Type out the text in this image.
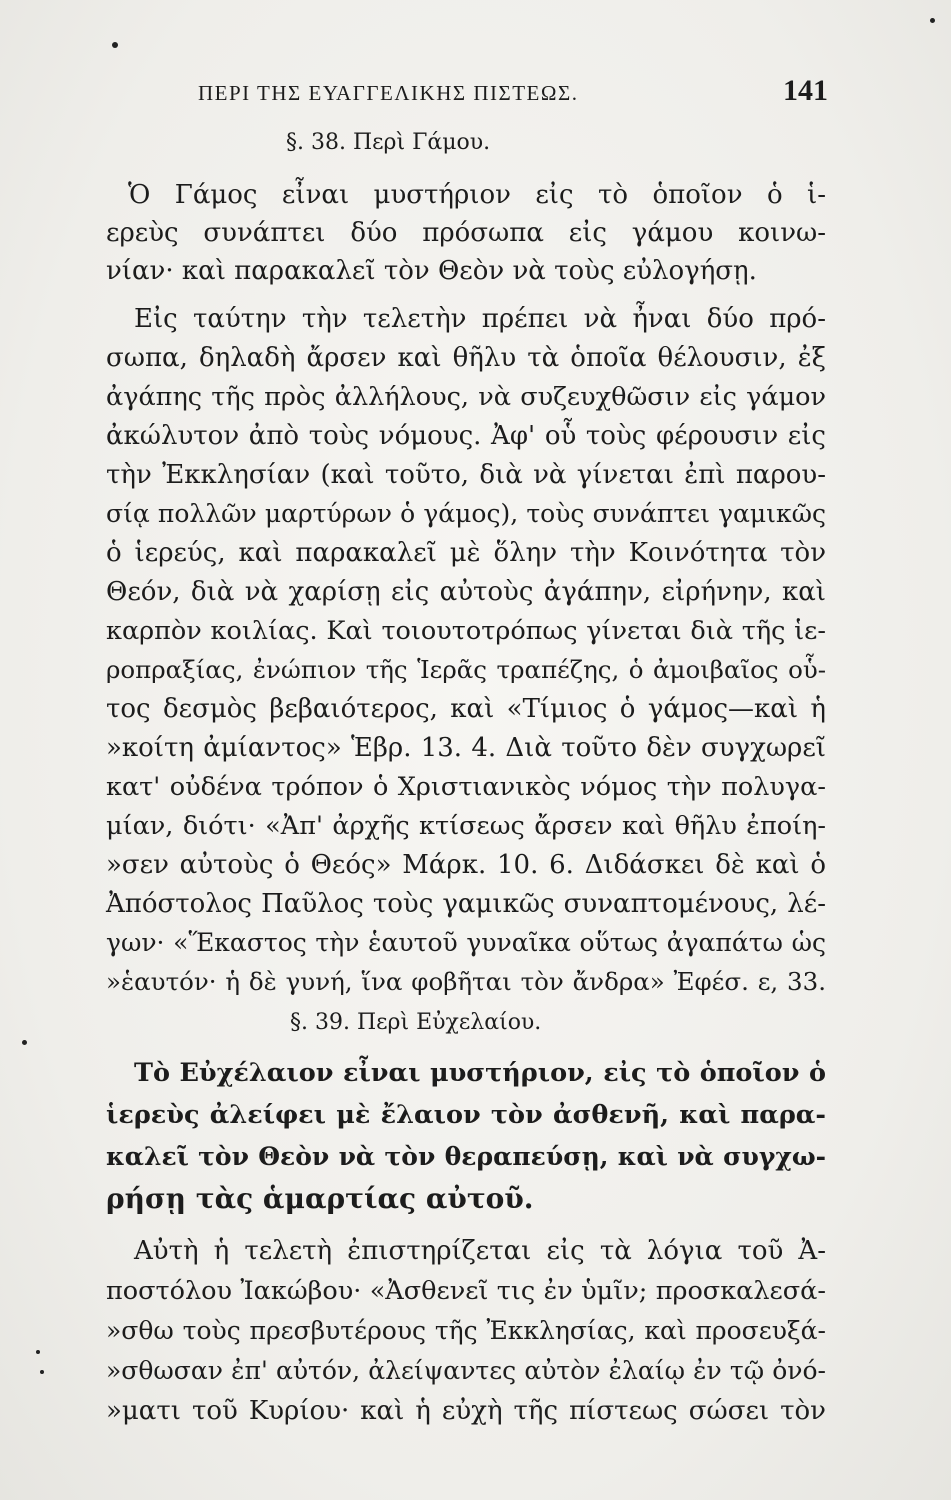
ΠΕΡΙ ΤΗΣ ΕΥΑΓΓΕΛΙΚΗΣ ΠΙΣΤΕΩΣ.	141
§. 38. Περὶ Γάμου.
Ὁ Γάμος εἶναι μυστήριον εἰς τὸ ὁποῖον ὁ ἱ-
ερεὺς συνάπτει δύο πρόσωπα εἰς γάμου κοινω-
νίαν· καὶ παρακαλεῖ τὸν Θεὸν νὰ τοὺς εὐλογήσῃ.
Εἰς ταύτην τὴν τελετὴν πρέπει νὰ ἦναι δύο πρό-
σωπα, δηλαδὴ ἄρσεν καὶ θῆλυ τὰ ὁποῖα θέλουσιν, ἐξ
ἀγάπης τῆς πρὸς ἀλλήλους, νὰ συζευχθῶσιν εἰς γάμον
ἀκώλυτον ἀπὸ τοὺς νόμους. Ἀφ' οὗ τοὺς φέρουσιν εἰς
τὴν Ἐκκλησίαν (καὶ τοῦτο, διὰ νὰ γίνεται ἐπὶ παρου-
σίᾳ πολλῶν μαρτύρων ὁ γάμος), τοὺς συνάπτει γαμικῶς
ὁ ἱερεύς, καὶ παρακαλεῖ μὲ ὅλην τὴν Κοινότητα τὸν
Θεόν, διὰ νὰ χαρίσῃ εἰς αὐτοὺς ἀγάπην, εἰρήνην, καὶ
καρπὸν κοιλίας. Καὶ τοιουτοτρόπως γίνεται διὰ τῆς ἱε-
ροπραξίας, ἐνώπιον τῆς Ἱερᾶς τραπέζης, ὁ ἀμοιβαῖος οὗ-
τος δεσμὸς βεβαιότερος, καὶ «Τίμιος ὁ γάμος—καὶ ἡ
»κοίτη ἀμίαντος» Ἑβρ. 13. 4. Διὰ τοῦτο δὲν συγχωρεῖ
κατ' οὐδένα τρόπον ὁ Χριστιανικὸς νόμος τὴν πολυγα-
μίαν, διότι· «Ἀπ' ἀρχῆς κτίσεως ἄρσεν καὶ θῆλυ ἐποίη-
»σεν αὐτοὺς ὁ Θεός» Μάρκ. 10. 6. Διδάσκει δὲ καὶ ὁ
Ἀπόστολος Παῦλος τοὺς γαμικῶς συναπτομένους, λέ-
γων· «Ἕκαστος τὴν ἑαυτοῦ γυναῖκα οὕτως ἀγαπάτω ὡς
»ἑαυτόν· ἡ δὲ γυνή, ἵνα φοβῆται τὸν ἄνδρα» Ἐφέσ. ε, 33.
§. 39. Περὶ Εὐχελαίου.
Τὸ Εὐχέλαιον εἶναι μυστήριον, εἰς τὸ ὁποῖον ὁ
ἱερεὺς ἀλείφει μὲ ἔλαιον τὸν ἀσθενῆ, καὶ παρα-
καλεῖ τὸν Θεὸν νὰ τὸν θεραπεύσῃ, καὶ νὰ συγχω-
ρήσῃ τὰς ἁμαρτίας αὐτοῦ.
Αὐτὴ ἡ τελετὴ ἐπιστηρίζεται εἰς τὰ λόγια τοῦ Ἀ-
ποστόλου Ἰακώβου· «Ἀσθενεῖ τις ἐν ὑμῖν; προσκαλεσά-
»σθω τοὺς πρεσβυτέρους τῆς Ἐκκλησίας, καὶ προσευξά-
»σθωσαν ἐπ' αὐτόν, ἀλείψαντες αὐτὸν ἐλαίῳ ἐν τῷ ὀνό-
»ματι τοῦ Κυρίου· καὶ ἡ εὐχὴ τῆς πίστεως σώσει τὸν
